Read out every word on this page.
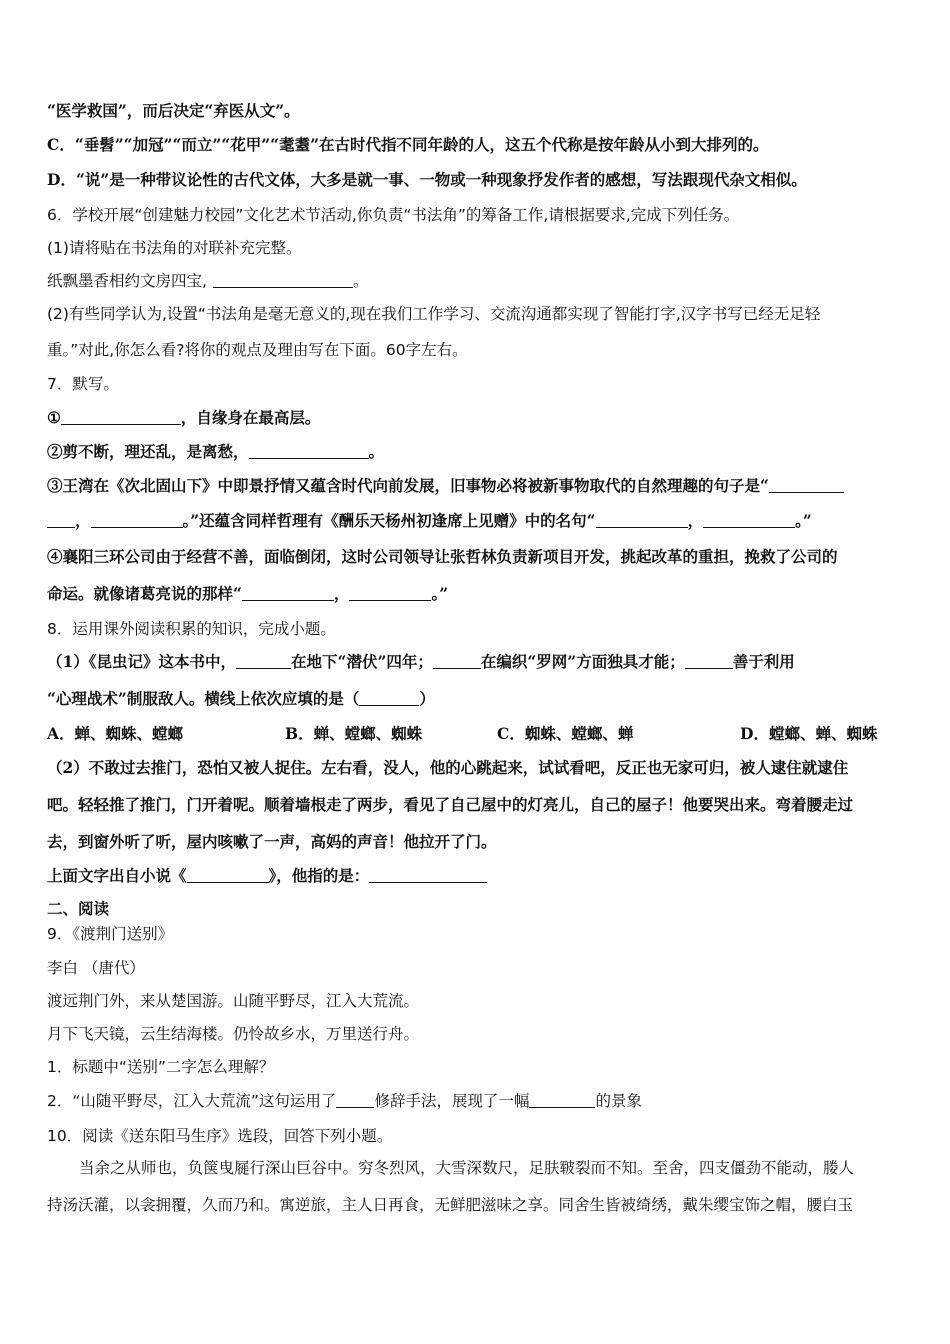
“医学救国”，而后决定“弃医从文”。
C．“垂髫”“加冠”“而立”“花甲”“耄耋”在古时代指不同年龄的人，这五个代称是按年龄从小到大排列的。
D．“说”是一种带议论性的古代文体，大多是就一事、一物或一种现象抒发作者的感想，写法跟现代杂文相似。
6．学校开展“创建魅力校园”文化艺术节活动,你负责“书法角”的筹备工作,请根据要求,完成下列任务。
(1)请将贴在书法角的对联补充完整。
纸飘墨香相约文房四宝,	。
(2)有些同学认为,设置“书法角是毫无意义的,现在我们工作学习、交流沟通都实现了智能打字,汉字书写已经无足轻
重。”对此,你怎么看?将你的观点及理由写在下面。60字左右。
7．默写。
①	，自缘身在最高层。
②剪不断，理还乱，是离愁，	。
③王湾在《次北固山下》中即景抒情又蕴含时代向前发展，旧事物必将被新事物取代的自然理趣的句子是“
，	。”还蕴含同样哲理有《酬乐天杨州初逢席上见赠》中的名句“	，	。”
④襄阳三环公司由于经营不善，面临倒闭，这时公司领导让张哲林负责新项目开发，挑起改革的重担，挽救了公司的
命运。就像诸葛亮说的那样“	，	。”
8．运用课外阅读积累的知识，完成小题。
（1）《昆虫记》这本书中，	在地下“潜伏”四年；	在编织“罗网”方面独具才能；	善于利用
“心理战术”制服敌人。横线上依次应填的是（	）
A．蝉、蜘蛛、螳螂	B．蝉、螳螂、蜘蛛	C．蜘蛛、螳螂、蝉	D．螳螂、蝉、蜘蛛
（2）不敢过去推门，恐怕又被人捉住。左右看，没人，他的心跳起来，试试看吧，反正也无家可归，被人逮住就逮住
吧。轻轻推了推门，门开着呢。顺着墙根走了两步，看见了自己屋中的灯亮儿，自己的屋子！他要哭出来。弯着腰走过
去，到窗外听了听，屋内咳嗽了一声，高妈的声音！他拉开了门。
上面文字出自小说《	》，他指的是：
二、阅读
9．《渡荆门送别》
李白 （唐代）
渡远荆门外，来从楚国游。山随平野尽，江入大荒流。
月下飞天镜，云生结海楼。仍怜故乡水，万里送行舟。
1．标题中“送别”二字怎么理解？
2．“山随平野尽，江入大荒流”这句运用了 修辞手法，展现了一幅	的景象
10．阅读《送东阳马生序》选段，回答下列小题。
当余之从师也，负箧曳屣行深山巨谷中。穷冬烈风，大雪深数尺，足肤皲裂而不知。至舍，四支僵劲不能动，媵人
持汤沃灌，以衾拥覆，久而乃和。寓逆旅，主人日再食，无鲜肥滋味之享。同舍生皆被绮绣，戴朱缨宝饰之帽，腰白玉
